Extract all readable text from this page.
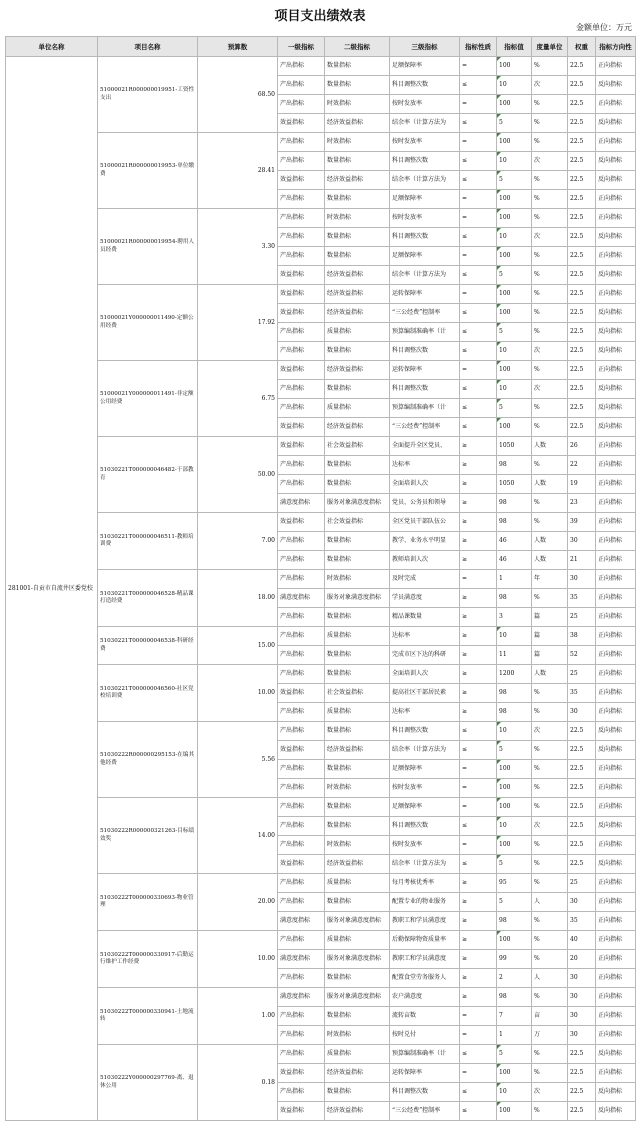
项目支出绩效表
金额单位：万元
单位名称	项目名称	预算数	一级指标	二级指标	三级指标	指标性质	指标值	度量单位	权重	指标方向性
281001-自贡市自流井区委党校	51000021R000000019951-工资性支出	68.50	产出指标	数量指标	足额保障率	=	100	%	22.5	正向指标
			产出指标	数量指标	科目调整次数	≤	10	次	22.5	反向指标
			产出指标	时效指标	按时发放率	=	100	%	22.5	正向指标
			效益指标	经济效益指标	结余率（计算方法为	≤	5	%	22.5	反向指标
	51000021R000000019953-单位缴费	28.41	产出指标	时效指标	按时发放率	=	100	%	22.5	正向指标
			产出指标	数量指标	科目调整次数	≤	10	次	22.5	反向指标
			效益指标	经济效益指标	结余率（计算方法为	≤	5	%	22.5	反向指标
			产出指标	数量指标	足额保障率	=	100	%	22.5	正向指标
	51000021R000000019954-聘用人员经费	3.30	产出指标	时效指标	按时发放率	=	100	%	22.5	正向指标
			产出指标	数量指标	科目调整次数	≤	10	次	22.5	反向指标
			产出指标	数量指标	足额保障率	=	100	%	22.5	正向指标
			效益指标	经济效益指标	结余率（计算方法为	≤	5	%	22.5	反向指标
	51000021Y000000011490-定额公用经费	17.92	效益指标	经济效益指标	运转保障率	=	100	%	22.5	正向指标
			效益指标	经济效益指标	“三公经费”控制率	≤	100	%	22.5	反向指标
			产出指标	质量指标	预算编制准确率（计	≤	5	%	22.5	反向指标
			产出指标	数量指标	科目调整次数	≤	10	次	22.5	反向指标
	51000021Y000000011491-非定额公用经费	6.75	效益指标	经济效益指标	运转保障率	=	100	%	22.5	正向指标
			产出指标	数量指标	科目调整次数	≤	10	次	22.5	反向指标
			产出指标	质量指标	预算编制准确率（计	≤	5	%	22.5	反向指标
			效益指标	经济效益指标	“三公经费”控制率	≤	100	%	22.5	反向指标
	51030221T000000046482-干部教育	50.00	效益指标	社会效益指标	全面提升全区党员、	≥	1050	人数	26	正向指标
			产出指标	数量指标	达标率	≥	98	%	22	正向指标
			产出指标	数量指标	全面培训人次	≥	1050	人数	19	正向指标
			满意度指标	服务对象满意度指标	党员、公务员和领导	≥	98	%	23	正向指标
	51030221T000000046511-教师培训费	7.00	效益指标	社会效益指标	全区党员干部队伍公	≥	98	%	39	正向指标
			产出指标	数量指标	教学、业务水平明显	≥	46	人数	30	正向指标
			产出指标	数量指标	教师培训人次	≥	46	人数	21	正向指标
	51030221T000000046528-精品课打造经费	18.00	产出指标	时效指标	及时完成	=	1	年	30	正向指标
			满意度指标	服务对象满意度指标	学员满意度	≥	98	%	35	正向指标
			产出指标	数量指标	精品课数量	≥	3	篇	25	正向指标
	51030221T000000046538-科研经费	15.00	产出指标	质量指标	达标率	≥	10	篇	38	正向指标
			产出指标	数量指标	完成市区下达的科研	≥	11	篇	52	正向指标
	51030221T000000046560-社区党校培训费	10.00	产出指标	数量指标	全面培训人次	≥	1200	人数	25	正向指标
			效益指标	社会效益指标	提高社区干部居民素	≥	98	%	35	正向指标
			产出指标	质量指标	达标率	≥	98	%	30	正向指标
	51030222R000000295153-在编其他经费	5.56	产出指标	数量指标	科目调整次数	≤	10	次	22.5	反向指标
			效益指标	经济效益指标	结余率（计算方法为	≤	5	%	22.5	反向指标
			产出指标	数量指标	足额保障率	=	100	%	22.5	正向指标
			产出指标	时效指标	按时发放率	=	100	%	22.5	正向指标
	51030222R000000321263-目标绩效奖	14.00	产出指标	数量指标	足额保障率	=	100	%	22.5	正向指标
			产出指标	数量指标	科目调整次数	≤	10	次	22.5	反向指标
			产出指标	时效指标	按时发放率	=	100	%	22.5	正向指标
			效益指标	经济效益指标	结余率（计算方法为	≤	5	%	22.5	反向指标
	51030222T000000330693-物业管理	20.00	产出指标	质量指标	每月考核优秀率	≥	95	%	25	正向指标
			产出指标	数量指标	配置专业的物业服务	≥	5	人	30	正向指标
			满意度指标	服务对象满意度指标	教职工和学员满意度	≥	98	%	35	正向指标
	51030222T000000330917-后勤运行维护工作经费	10.00	产出指标	质量指标	后勤保障物资质量率	≥	100	%	40	正向指标
			满意度指标	服务对象满意度指标	教职工和学员满意度	≥	99	%	20	正向指标
			产出指标	数量指标	配置食堂劳务服务人	≥	2	人	30	正向指标
	51030222T000000330941-土地流转	1.00	满意度指标	服务对象满意度指标	农户满意度	≥	98	%	30	正向指标
			产出指标	数量指标	流转亩数	=	7	亩	30	正向指标
			产出指标	时效指标	按时兑付	=	1	万	30	正向指标
	51030222Y000000297769-离、退休公用	0.18	产出指标	质量指标	预算编制准确率（计	≤	5	%	22.5	反向指标
			效益指标	经济效益指标	运转保障率	=	100	%	22.5	正向指标
			产出指标	数量指标	科目调整次数	≤	10	次	22.5	反向指标
			效益指标	经济效益指标	“三公经费”控制率	≤	100	%	22.5	反向指标
